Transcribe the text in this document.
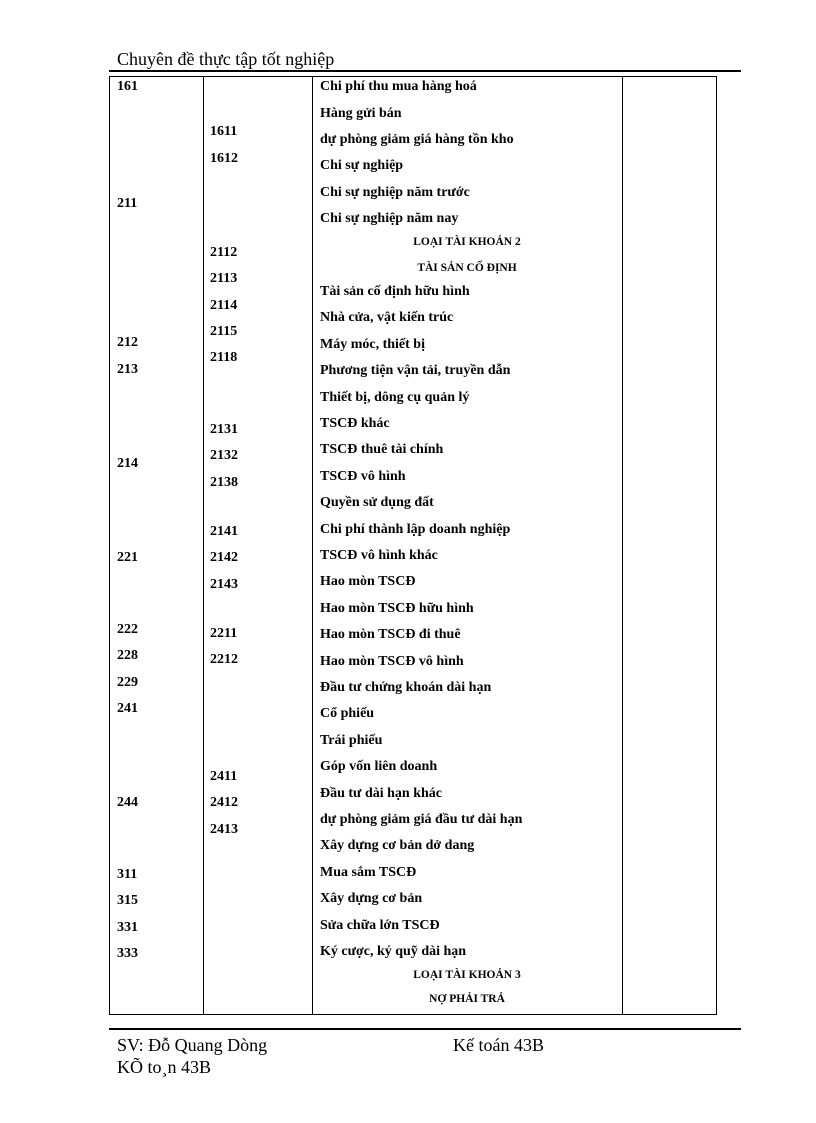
Chuyên đề thực tập tốt nghiệp
161
211
212
213
214
221
222
228
229
241
244
311
315
331
333
1611
1612
2112
2113
2114
2115
2118
2131
2132
2138
2141
2142
2143
2211
2212
2411
2412
2413
Chi phí thu mua hàng hoá
Hàng gửi bán
dự phòng giảm giá hàng tồn kho
Chi sự nghiệp
Chi sự nghiệp năm trước
Chi sự nghiệp năm nay
LOẠI TÀI KHOẢN 2
TÀI SẢN CỐ ĐỊNH
Tài sản cố định hữu hình
Nhà cửa, vật kiến trúc
Máy móc, thiết bị
Phương tiện vận tải, truyền dẫn
Thiết bị, dông cụ quản lý
TSCĐ khác
TSCĐ thuê tài chính
TSCĐ vô hình
Quyền sử dụng đất
Chi phí thành lập doanh nghiệp
TSCĐ vô hình khác
Hao mòn TSCĐ
Hao mòn TSCĐ hữu hình
Hao mòn TSCĐ đi thuê
Hao mòn TSCĐ vô hình
Đầu tư chứng khoán dài hạn
Cổ phiếu
Trái phiếu
Góp vốn liên doanh
Đầu tư dài hạn khác
dự phòng giảm giá đầu tư dài hạn
Xây dựng cơ bản dở dang
Mua sắm TSCĐ
Xây dựng cơ bản
Sửa chữa lớn TSCĐ
Ký cược, ký quỹ dài hạn
LOẠI TÀI KHOẢN 3
NỢ PHẢI TRẢ
SV: Đỗ Quang Dòng	Kế toán 43B
KÕ to¸n 43B
